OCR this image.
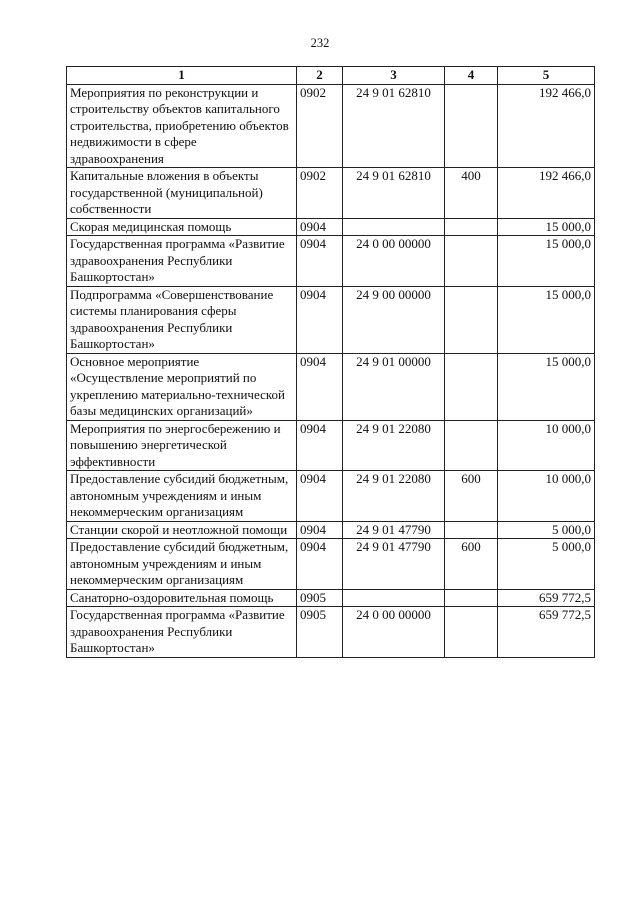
232
1	2	3	4	5
Мероприятия по реконструкции и строительству объектов капитального строительства, приобретению объектов недвижимости в сфере здравоохранения	0902	24 9 01 62810		192 466,0
Капитальные вложения в объекты государственной (муниципальной) собственности	0902	24 9 01 62810	400	192 466,0
Скорая медицинская помощь	0904			15 000,0
Государственная программа «Развитие здравоохранения Республики Башкортостан»	0904	24 0 00 00000		15 000,0
Подпрограмма «Совершенствование системы планирования сферы здравоохранения Республики Башкортостан»	0904	24 9 00 00000		15 000,0
Основное мероприятие «Осуществление мероприятий по укреплению материально-технической базы медицинских организаций»	0904	24 9 01 00000		15 000,0
Мероприятия по энергосбережению и повышению энергетической эффективности	0904	24 9 01 22080		10 000,0
Предоставление субсидий бюджетным, автономным учреждениям и иным некоммерческим организациям	0904	24 9 01 22080	600	10 000,0
Станции скорой и неотложной помощи	0904	24 9 01 47790		5 000,0
Предоставление субсидий бюджетным, автономным учреждениям и иным некоммерческим организациям	0904	24 9 01 47790	600	5 000,0
Санаторно-оздоровительная помощь	0905			659 772,5
Государственная программа «Развитие здравоохранения Республики Башкортостан»	0905	24 0 00 00000		659 772,5
